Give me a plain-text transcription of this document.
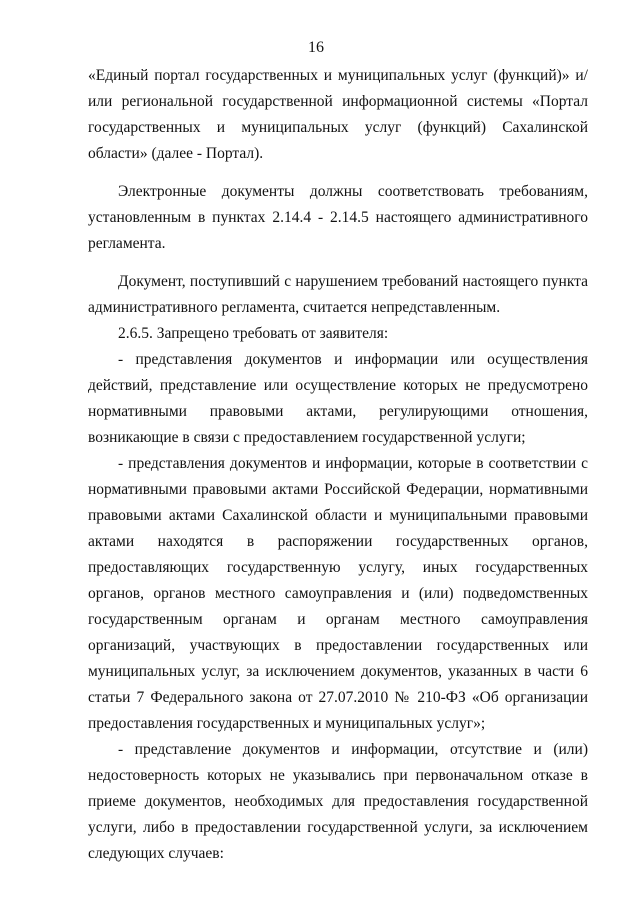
16

«Единый портал государственных и муниципальных услуг (функций)» и/или региональной государственной информационной системы «Портал государственных и муниципальных услуг (функций) Сахалинской области» (далее - Портал).

Электронные документы должны соответствовать требованиям, установленным в пунктах 2.14.4 - 2.14.5 настоящего административного регламента.

Документ, поступивший с нарушением требований настоящего пункта административного регламента, считается непредставленным.

2.6.5. Запрещено требовать от заявителя:

- представления документов и информации или осуществления действий, представление или осуществление которых не предусмотрено нормативными правовыми актами, регулирующими отношения, возникающие в связи с предоставлением государственной услуги;

- представления документов и информации, которые в соответствии с нормативными правовыми актами Российской Федерации, нормативными правовыми актами Сахалинской области и муниципальными правовыми актами находятся в распоряжении государственных органов, предоставляющих государственную услугу, иных государственных органов, органов местного самоуправления и (или) подведомственных государственным органам и органам местного самоуправления организаций, участвующих в предоставлении государственных или муниципальных услуг, за исключением документов, указанных в части 6 статьи 7 Федерального закона от 27.07.2010 № 210-ФЗ «Об организации предоставления государственных и муниципальных услуг»;

- представление документов и информации, отсутствие и (или) недостоверность которых не указывались при первоначальном отказе в приеме документов, необходимых для предоставления государственной услуги, либо в предоставлении государственной услуги, за исключением следующих случаев:
